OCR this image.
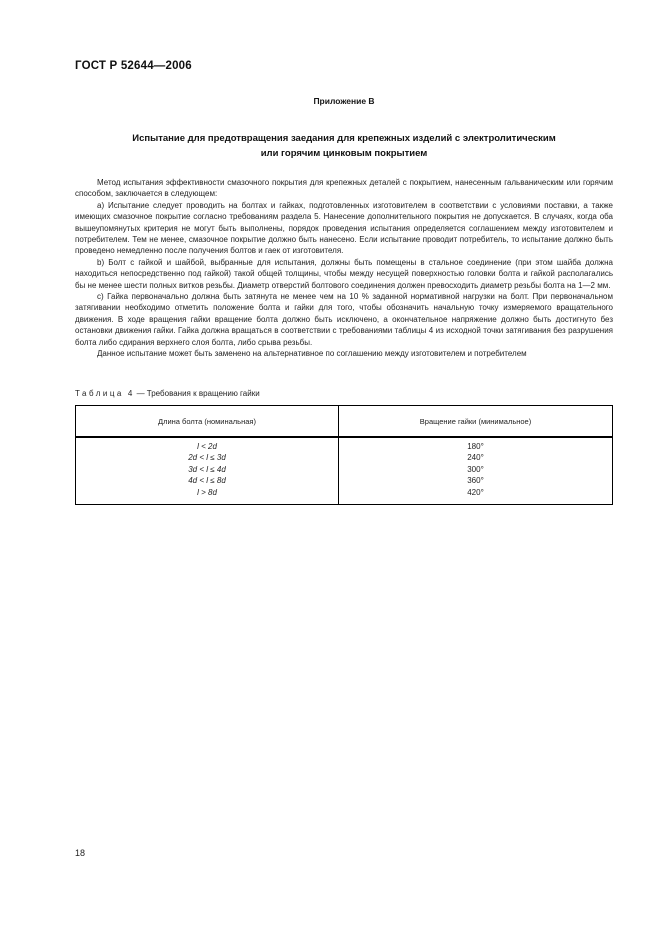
ГОСТ Р 52644—2006
Приложение В
Испытание для предотвращения заедания для крепежных изделий с электролитическим
или горячим цинковым покрытием

Метод испытания эффективности смазочного покрытия для крепежных деталей с покрытием, нанесенным гальваническим или горячим способом, заключается в следующем:

a) Испытание следует проводить на болтах и гайках, подготовленных изготовителем в соответствии с условиями поставки, а также имеющих смазочное покрытие согласно требованиям раздела 5. Нанесение дополнительного покрытия не допускается. В случаях, когда оба вышеупомянутых критерия не могут быть выполнены, порядок проведения испытания определяется соглашением между изготовителем и потребителем. Тем не менее, смазочное покрытие должно быть нанесено. Если испытание проводит потребитель, то испытание должно быть проведено немедленно после получения болтов и гаек от изготовителя.

b) Болт с гайкой и шайбой, выбранные для испытания, должны быть помещены в стальное соединение (при этом шайба должна находиться непосредственно под гайкой) такой общей толщины, чтобы между несущей поверхностью головки болта и гайкой располагались бы не менее шести полных витков резьбы. Диаметр отверстий болтового соединения должен превосходить диаметр резьбы болта на 1—2 мм.

c) Гайка первоначально должна быть затянута не менее чем на 10 % заданной нормативной нагрузки на болт. При первоначальном затягивании необходимо отметить положение болта и гайки для того, чтобы обозначить начальную точку измеряемого вращательного движения. В ходе вращения гайки вращение болта должно быть исключено, а окончательное напряжение должно быть достигнуто без остановки движения гайки. Гайка должна вращаться в соответствии с требованиями таблицы 4 из исходной точки затягивания без разрушения болта либо сдирания верхнего слоя болта, либо срыва резьбы.

Данное испытание может быть заменено на альтернативное по соглашению между изготовителем и потребителем

Таблица 4 — Требования к вращению гайки
Длина болта (номинальная)	Вращение гайки (минимальное)
l < 2d
2d < l ≤ 3d
3d < l ≤ 4d
4d < l ≤ 8d
l > 8d
180°
240°
300°
360°
420°
18
